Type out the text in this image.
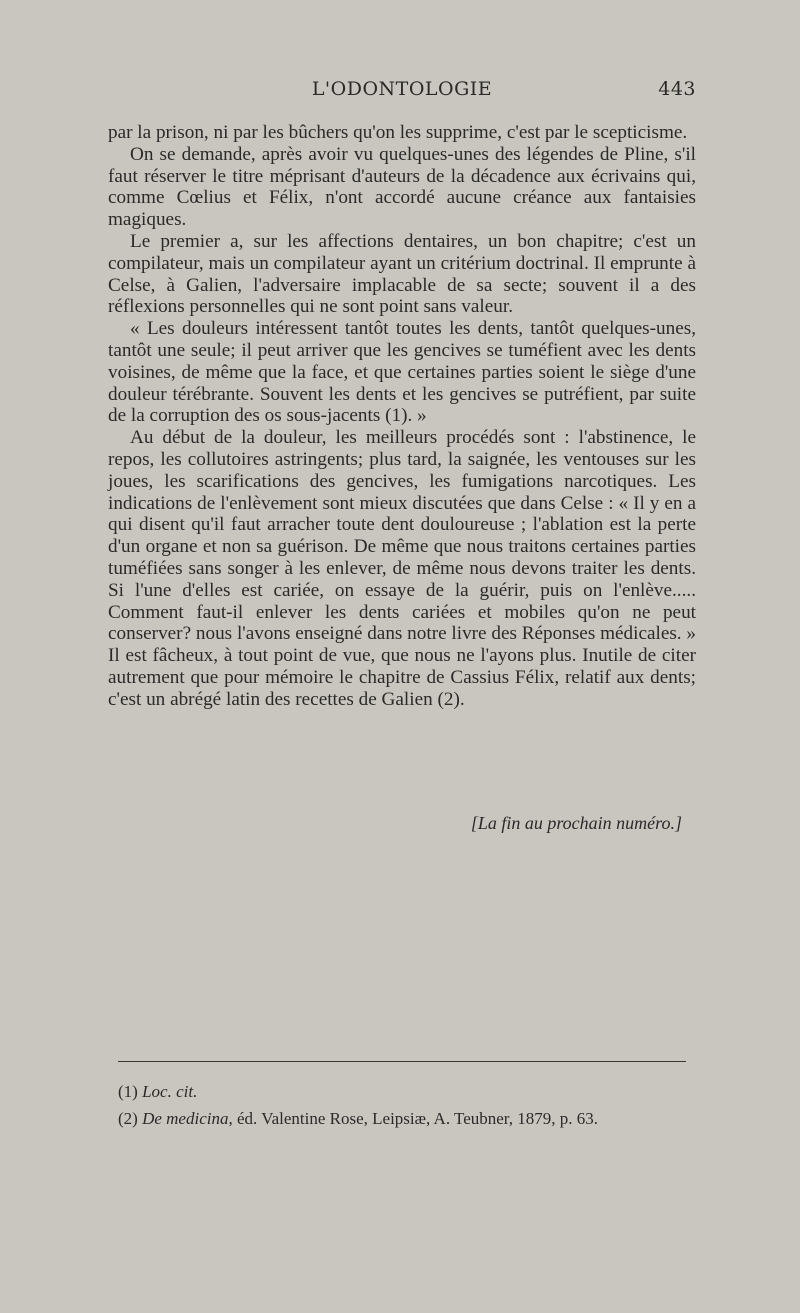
L'ODONTOLOGIE	443

par la prison, ni par les bûchers qu'on les supprime, c'est par le scepticisme.

On se demande, après avoir vu quelques-unes des légendes de Pline, s'il faut réserver le titre méprisant d'auteurs de la décadence aux écrivains qui, comme Cœlius et Félix, n'ont accordé aucune créance aux fantaisies magiques.

Le premier a, sur les affections dentaires, un bon chapitre; c'est un compilateur, mais un compilateur ayant un critérium doctrinal. Il emprunte à Celse, à Galien, l'adversaire implacable de sa secte; souvent il a des réflexions personnelles qui ne sont point sans valeur.

« Les douleurs intéressent tantôt toutes les dents, tantôt quelques-unes, tantôt une seule; il peut arriver que les gencives se tuméfient avec les dents voisines, de même que la face, et que certaines parties soient le siège d'une douleur térébrante. Souvent les dents et les gencives se putréfient, par suite de la corruption des os sous-jacents (1). »

Au début de la douleur, les meilleurs procédés sont : l'abstinence, le repos, les collutoires astringents; plus tard, la saignée, les ventouses sur les joues, les scarifications des gencives, les fumigations narcotiques. Les indications de l'enlèvement sont mieux discutées que dans Celse : « Il y en a qui disent qu'il faut arracher toute dent douloureuse ; l'ablation est la perte d'un organe et non sa guérison. De même que nous traitons certaines parties tuméfiées sans songer à les enlever, de même nous devons traiter les dents. Si l'une d'elles est cariée, on essaye de la guérir, puis on l'enlève..... Comment faut-il enlever les dents cariées et mobiles qu'on ne peut conserver? nous l'avons enseigné dans notre livre des Réponses médicales. » Il est fâcheux, à tout point de vue, que nous ne l'ayons plus. Inutile de citer autrement que pour mémoire le chapitre de Cassius Félix, relatif aux dents; c'est un abrégé latin des recettes de Galien (2).

[La fin au prochain numéro.]
(1) Loc. cit.
(2) De medicina, éd. Valentine Rose, Leipsiæ, A. Teubner, 1879, p. 63.
